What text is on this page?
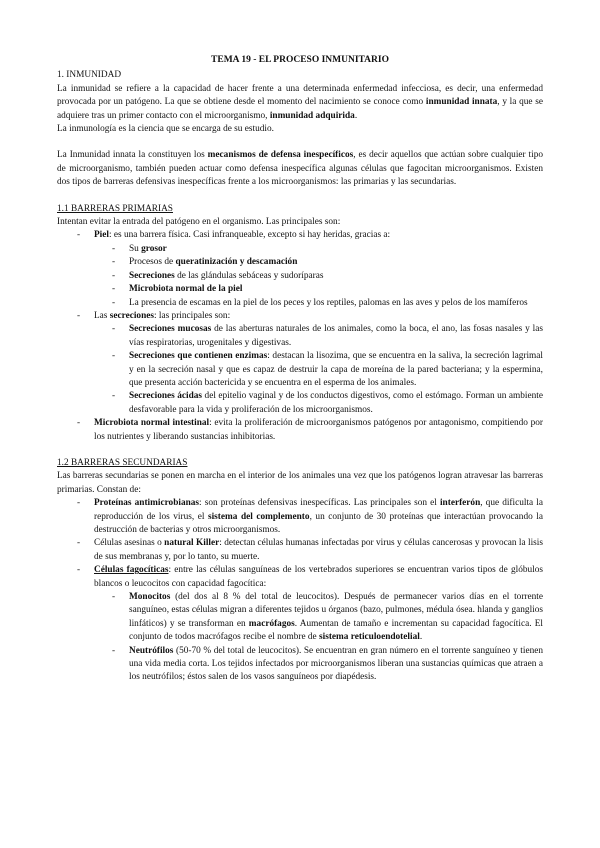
TEMA 19 - EL PROCESO INMUNITARIO
1. INMUNIDAD

La inmunidad se refiere a la capacidad de hacer frente a una determinada enfermedad infecciosa, es decir, una enfermedad provocada por un patógeno. La que se obtiene desde el momento del nacimiento se conoce como inmunidad innata, y la que se adquiere tras un primer contacto con el microorganismo, inmunidad adquirida.

La inmunología es la ciencia que se encarga de su estudio.

La Inmunidad innata la constituyen los mecanismos de defensa inespecíficos, es decir aquellos que actúan sobre cualquier tipo de microorganismo, también pueden actuar como defensa inespecífica algunas células que fagocitan microorganismos. Existen dos tipos de barreras defensivas inespecíficas frente a los microorganismos: las primarias y las secundarias.

1.1 BARRERAS PRIMARIAS

Intentan evitar la entrada del patógeno en el organismo. Las principales son:

- Piel: es una barrera física. Casi infranqueable, excepto si hay heridas, gracias a:
- Su grosor
- Procesos de queratinización y descamación
- Secreciones de las glándulas sebáceas y sudoríparas
- Microbiota normal de la piel
- La presencia de escamas en la piel de los peces y los reptiles, palomas en las aves y pelos de los mamíferos
- Las secreciones: las principales son:
- Secreciones mucosas de las aberturas naturales de los animales, como la boca, el ano, las fosas nasales y las vías respiratorias, urogenitales y digestivas.
- Secreciones que contienen enzimas: destacan la lisozima, que se encuentra en la saliva, la secreción lagrimal y en la secreción nasal y que es capaz de destruir la capa de moreína de la pared bacteriana; y la espermina, que presenta acción bactericida y se encuentra en el esperma de los animales.
- Secreciones ácidas del epitelio vaginal y de los conductos digestivos, como el estómago. Forman un ambiente desfavorable para la vida y proliferación de los microorganismos.
- Microbiota normal intestinal: evita la proliferación de microorganismos patógenos por antagonismo, compitiendo por los nutrientes y liberando sustancias inhibitorias.
1.2 BARRERAS SECUNDARIAS

Las barreras secundarias se ponen en marcha en el interior de los animales una vez que los patógenos logran atravesar las barreras primarias. Constan de:

- Proteínas antimicrobianas: son proteínas defensivas inespecíficas. Las principales son el interferón, que dificulta la reproducción de los virus, el sistema del complemento, un conjunto de 30 proteínas que interactúan provocando la destrucción de bacterias y otros microorganismos.
- Células asesinas o natural Killer: detectan células humanas infectadas por virus y células cancerosas y provocan la lisis de sus membranas y, por lo tanto, su muerte.
- Células fagocíticas: entre las células sanguíneas de los vertebrados superiores se encuentran varios tipos de glóbulos blancos o leucocitos con capacidad fagocítica:
- Monocitos (del dos al 8 % del total de leucocitos). Después de permanecer varios días en el torrente sanguíneo, estas células migran a diferentes tejidos u órganos (bazo, pulmones, médula ósea. hlanda y ganglios linfáticos) y se transforman en macrófagos. Aumentan de tamaño e incrementan su capacidad fagocítica. El conjunto de todos macrófagos recibe el nombre de sistema reticuloendotelial.
- Neutrófilos (50-70 % del total de leucocitos). Se encuentran en gran número en el torrente sanguíneo y tienen una vida media corta. Los tejidos infectados por microorganismos liberan una sustancias químicas que atraen a los neutrófilos; éstos salen de los vasos sanguíneos por diapédesis.
